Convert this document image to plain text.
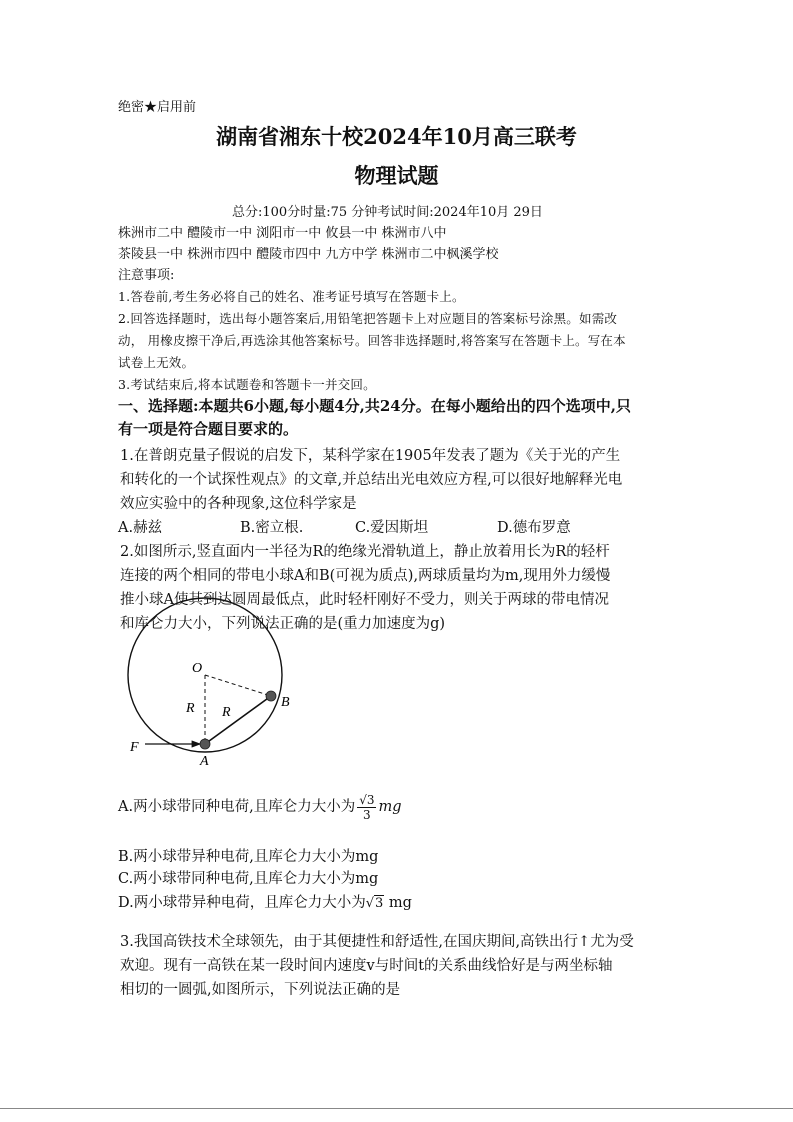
绝密★启用前
湖南省湘东十校2024年10月高三联考
物理试题
总分:100分时量:75 分钟考试时间:2024年10月 29日
株洲市二中 醴陵市一中 浏阳市一中 攸县一中 株洲市八中
茶陵县一中 株洲市四中 醴陵市四中 九方中学 株洲市二中枫溪学校
注意事项:
1.答卷前,考生务必将自己的姓名、准考证号填写在答题卡上。
2.回答选择题时，选出每小题答案后,用铅笔把答题卡上对应题目的答案标号涂黑。如需改
动， 用橡皮擦干净后,再选涂其他答案标号。回答非选择题时,将答案写在答题卡上。写在本
试卷上无效。
3.考试结束后,将本试题卷和答题卡一并交回。
一、选择题:本题共6小题,每小题4分,共24分。在每小题给出的四个选项中,只
有一项是符合题目要求的。
1.在普朗克量子假说的启发下，某科学家在1905年发表了题为《关于光的产生
和转化的一个试探性观点》的文章,并总结出光电效应方程,可以很好地解释光电
效应实验中的各种现象,这位科学家是
A.赫兹	B.密立根.	C.爱因斯坦	D.德布罗意
2.如图所示,竖直面内一半径为R的绝缘光滑轨道上，静止放着用长为R的轻杆
连接的两个相同的带电小球A和B(可视为质点),两球质量均为m,现用外力缓慢
推小球A使其到达圆周最低点，此时轻杆刚好不受力，则关于两球的带电情况
和库仑力大小，下列说法正确的是(重力加速度为g)
O
R R
B
A
F
A.两小球带同种电荷,且库仑力大小为 $\frac{√3}{3}$ mg
B.两小球带异种电荷,且库仑力大小为mg
C.两小球带同种电荷,且库仑力大小为mg
D.两小球带异种电荷，且库仑力大小为√3 mg
3.我国高铁技术全球领先，由于其便捷性和舒适性,在国庆期间,高铁出行↑尤为受
欢迎。现有一高铁在某一段时间内速度v与时间t的关系曲线恰好是与两坐标轴
相切的一圆弧,如图所示，下列说法正确的是
